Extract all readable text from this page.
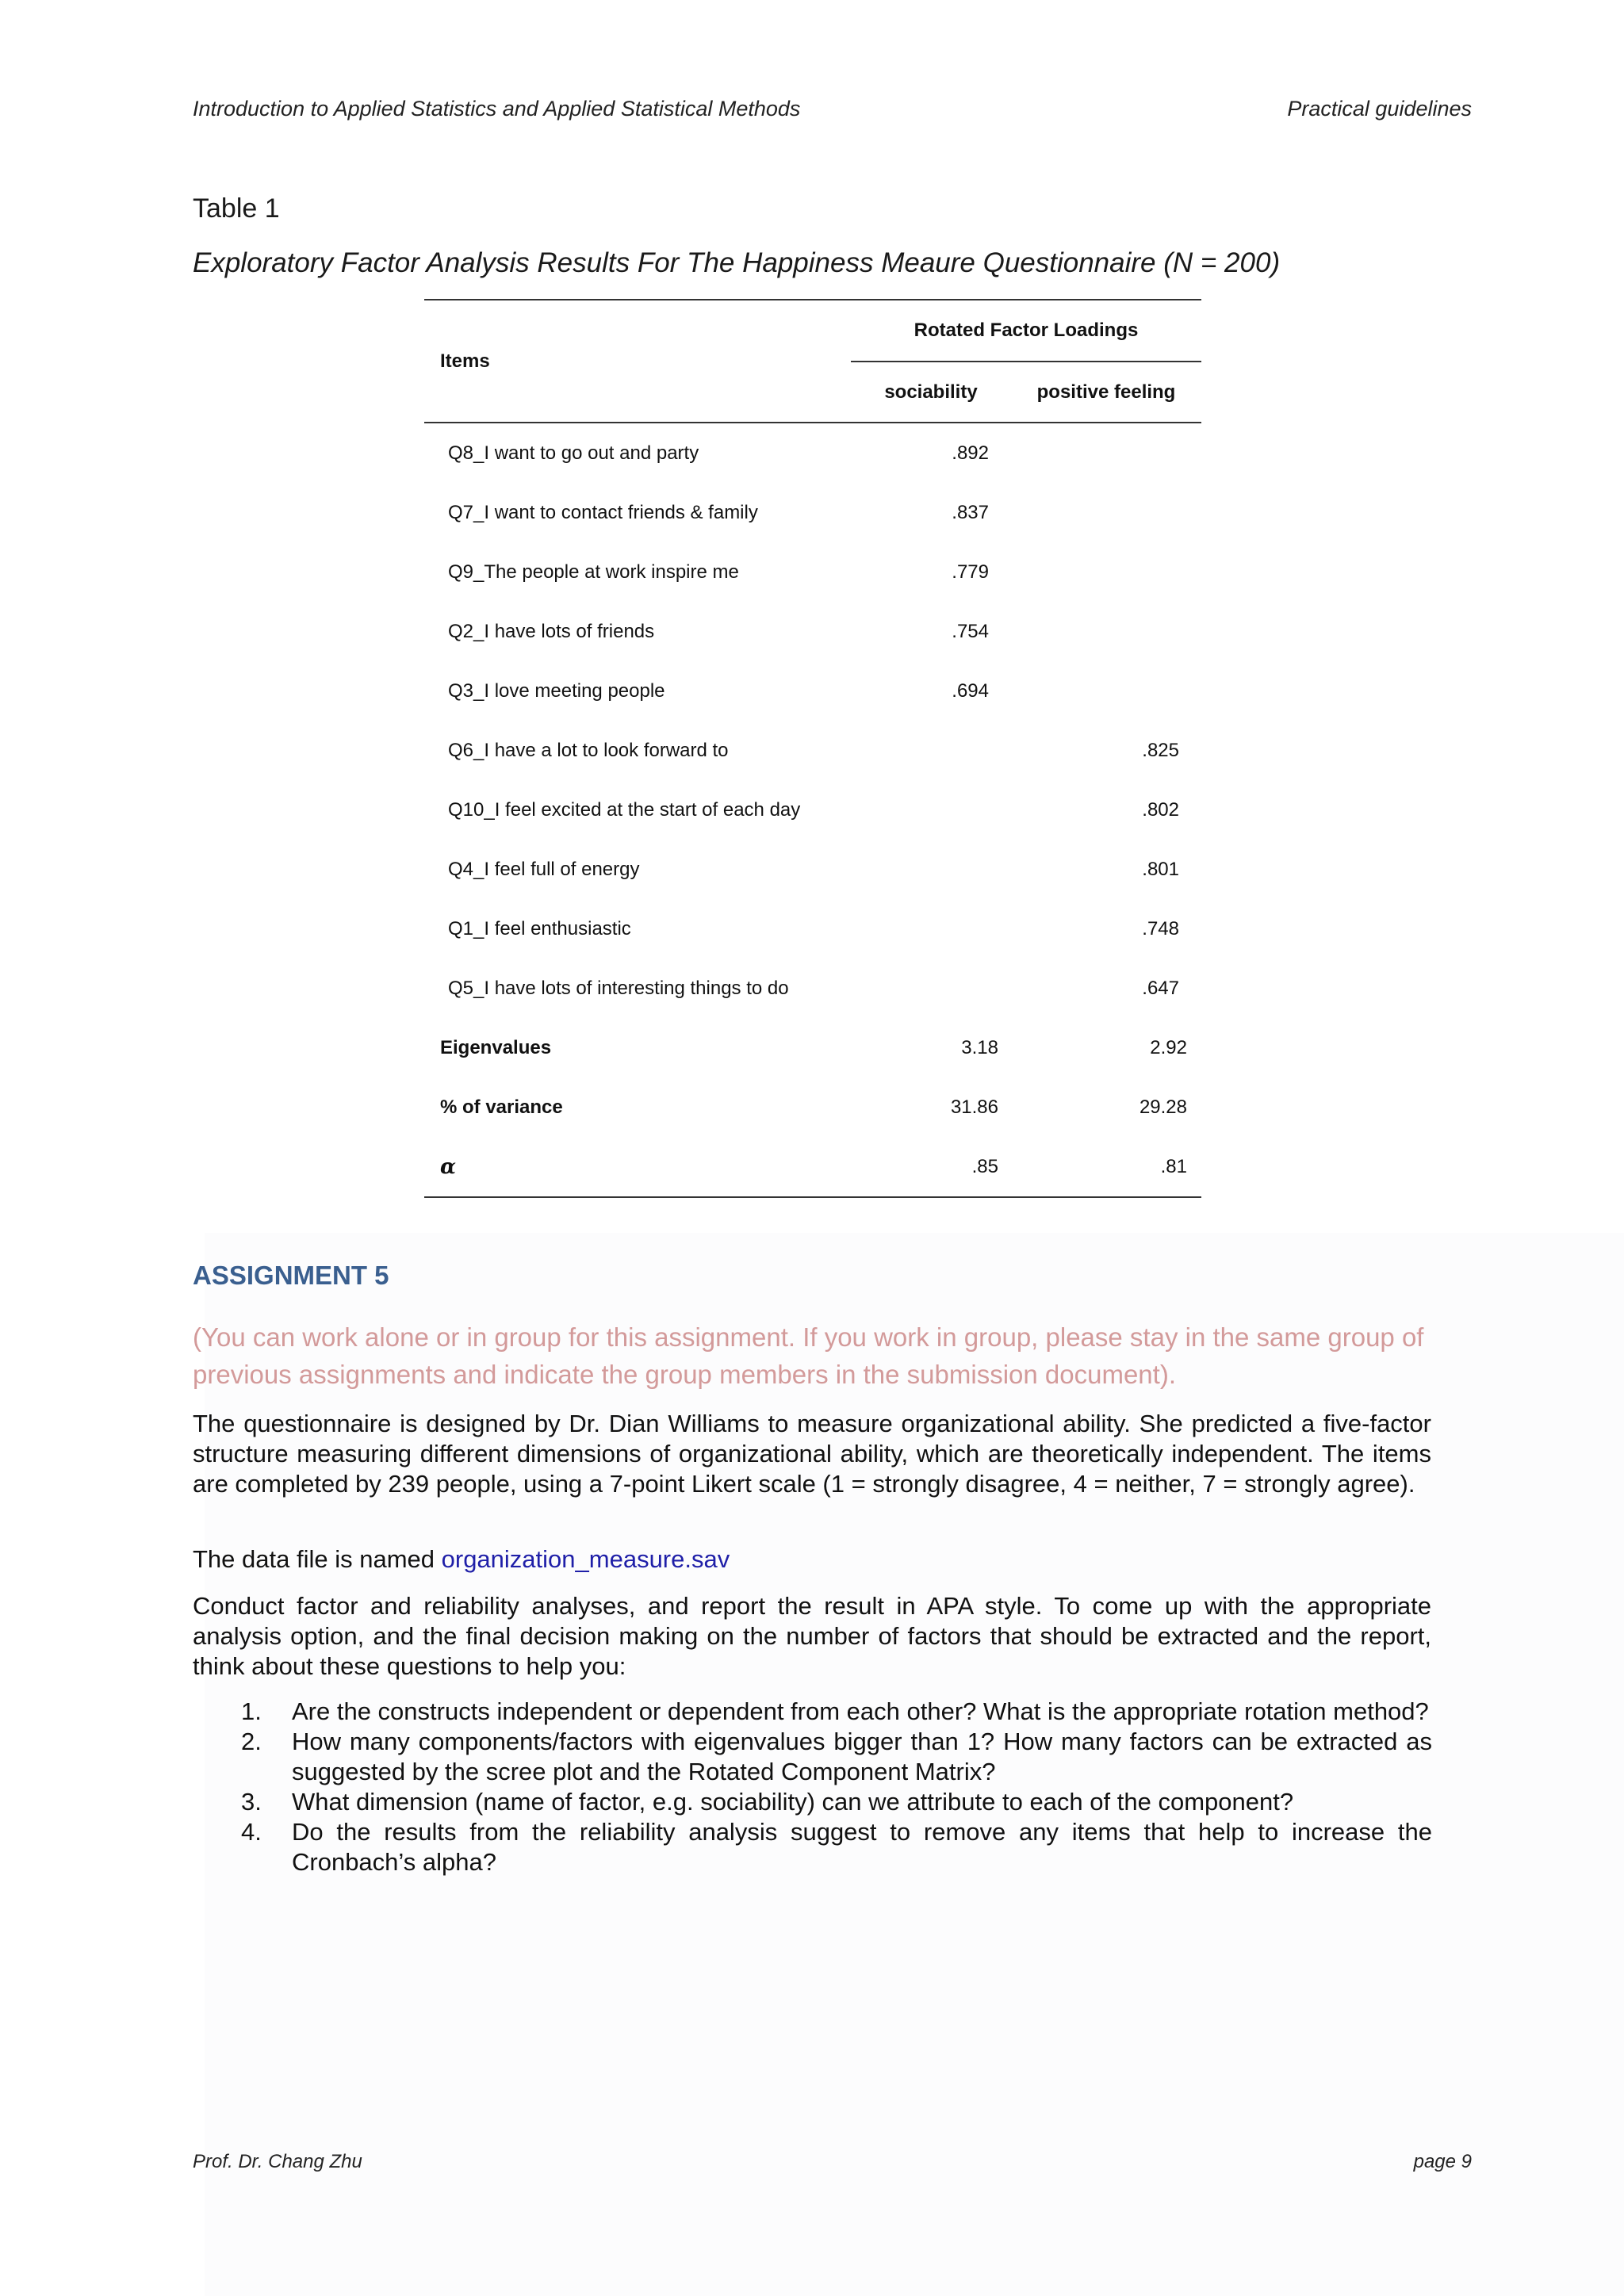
Introduction to Applied Statistics and Applied Statistical Methods	Practical guidelines
Table 1
Exploratory Factor Analysis Results For The Happiness Meaure Questionnaire (N = 200)
Items	Rotated Factor Loadings	
	sociability	positive feeling
Q8_I want to go out and party	.892	
Q7_I want to contact friends & family	.837	
Q9_The people at work inspire me	.779	
Q2_I have lots of friends	.754	
Q3_I love meeting people	.694	
Q6_I have a lot to look forward to		.825
Q10_I feel excited at the start of each day		.802
Q4_I feel full of energy		.801
Q1_I feel enthusiastic		.748
Q5_I have lots of interesting things to do		.647
Eigenvalues	3.18	2.92
% of variance	31.86	29.28
α	.85	.81
ASSIGNMENT 5
(You can work alone or in group for this assignment. If you work in group, please stay in the same group of previous assignments and indicate the group members in the submission document).
The questionnaire is designed by Dr. Dian Williams to measure organizational ability. She predicted a five-factor structure measuring different dimensions of organizational ability, which are theoretically independent. The items are completed by 239 people, using a 7-point Likert scale (1 = strongly disagree, 4 = neither, 7 = strongly agree).
The data file is named organization_measure.sav
Conduct factor and reliability analyses, and report the result in APA style. To come up with the appropriate analysis option, and the final decision making on the number of factors that should be extracted and the report, think about these questions to help you:
1. Are the constructs independent or dependent from each other? What is the appropriate rotation method?
2. How many components/factors with eigenvalues bigger than 1? How many factors can be extracted as suggested by the scree plot and the Rotated Component Matrix?
3. What dimension (name of factor, e.g. sociability) can we attribute to each of the component?
4. Do the results from the reliability analysis suggest to remove any items that help to increase the Cronbach’s alpha?
Prof. Dr. Chang Zhu	page 9
